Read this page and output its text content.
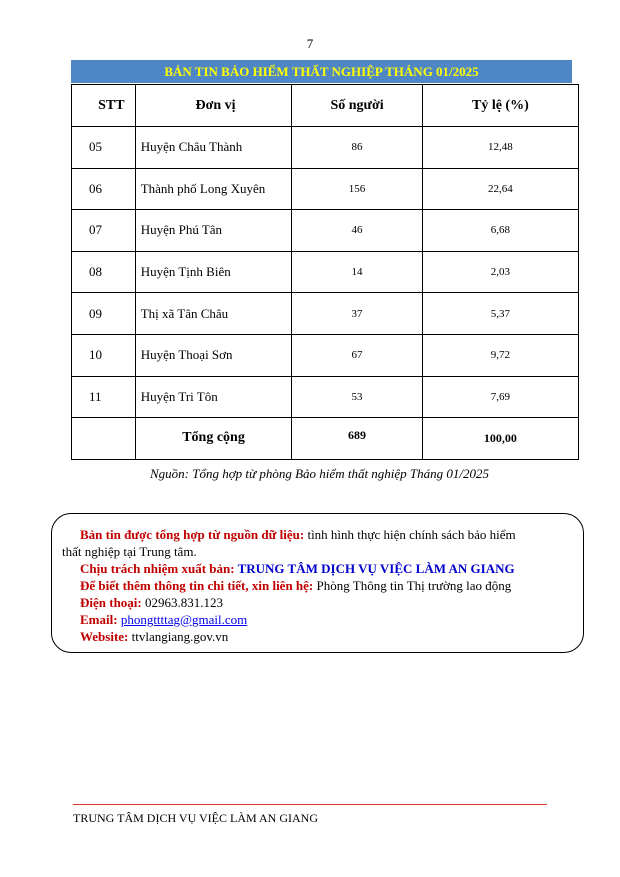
7
BẢN TIN BẢO HIỂM THẤT NGHIỆP THÁNG 01/2025
STT	Đơn vị	Số người	Tỷ lệ (%)
05	Huyện Châu Thành	86	12,48
06	Thành phố Long Xuyên	156	22,64
07	Huyện Phú Tân	46	6,68
08	Huyện Tịnh Biên	14	2,03
09	Thị xã Tân Châu	37	5,37
10	Huyện Thoại Sơn	67	9,72
11	Huyện Tri Tôn	53	7,69
	Tổng cộng	689	100,00
Nguồn: Tổng hợp từ phòng Bảo hiểm thất nghiệp Tháng 01/2025
Bản tin được tổng hợp từ nguồn dữ liệu: tình hình thực hiện chính sách bảo hiểm
thất nghiệp tại Trung tâm.
Chịu trách nhiệm xuất bản: TRUNG TÂM DỊCH VỤ VIỆC LÀM AN GIANG
Để biết thêm thông tin chi tiết, xin liên hệ: Phòng Thông tin Thị trường lao động
Điện thoại: 02963.831.123
Email: phongttttag@gmail.com
Website: ttvlangiang.gov.vn
TRUNG TÂM DỊCH VỤ VIỆC LÀM AN GIANG
